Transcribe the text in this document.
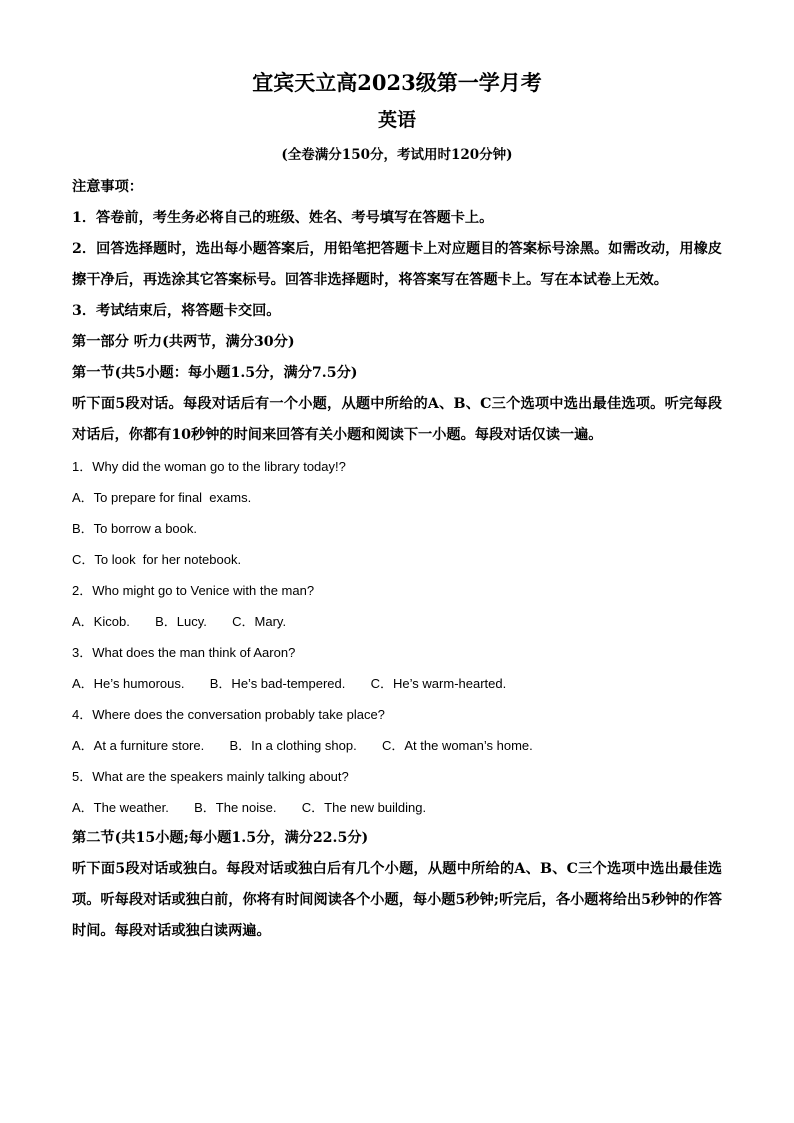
宜宾天立高2023级第一学月考
英语

(全卷满分150分，考试用时120分钟)

注意事项：

1．答卷前，考生务必将自己的班级、姓名、考号填写在答题卡上。

2．回答选择题时，选出每小题答案后，用铅笔把答题卡上对应题目的答案标号涂黑。如需改动，用橡皮擦干净后，再选涂其它答案标号。回答非选择题时，将答案写在答题卡上。写在本试卷上无效。

3．考试结束后，将答题卡交回。

第一部分 听力(共两节，满分30分)

第一节(共5小题：每小题1.5分，满分7.5分)

听下面5段对话。每段对话后有一个小题，从题中所给的A、B、C三个选项中选出最佳选项。听完每段对话后，你都有10秒钟的时间来回答有关小题和阅读下一小题。每段对话仅读一遍。

1．Why did the woman go to the library today!?

A．To prepare for final  exams.

B．To borrow a book.

C．To look  for her notebook.

2．Who might go to Venice with the man?

A．Kicob.       B．Lucy.       C．Mary.

3．What does the man think of Aaron?

A．He’s humorous.       B．He’s bad-tempered.       C．He’s warm-hearted.

4．Where does the conversation probably take place?

A．At a furniture store.       B．In a clothing shop.       C．At the woman’s home.

5．What are the speakers mainly talking about?

A．The weather.       B．The noise.       C．The new building.

第二节(共15小题;每小题1.5分，满分22.5分)

听下面5段对话或独白。每段对话或独白后有几个小题，从题中所给的A、B、C三个选项中选出最佳选项。听每段对话或独白前，你将有时间阅读各个小题，每小题5秒钟;听完后，各小题将给出5秒钟的作答时间。每段对话或独白读两遍。
